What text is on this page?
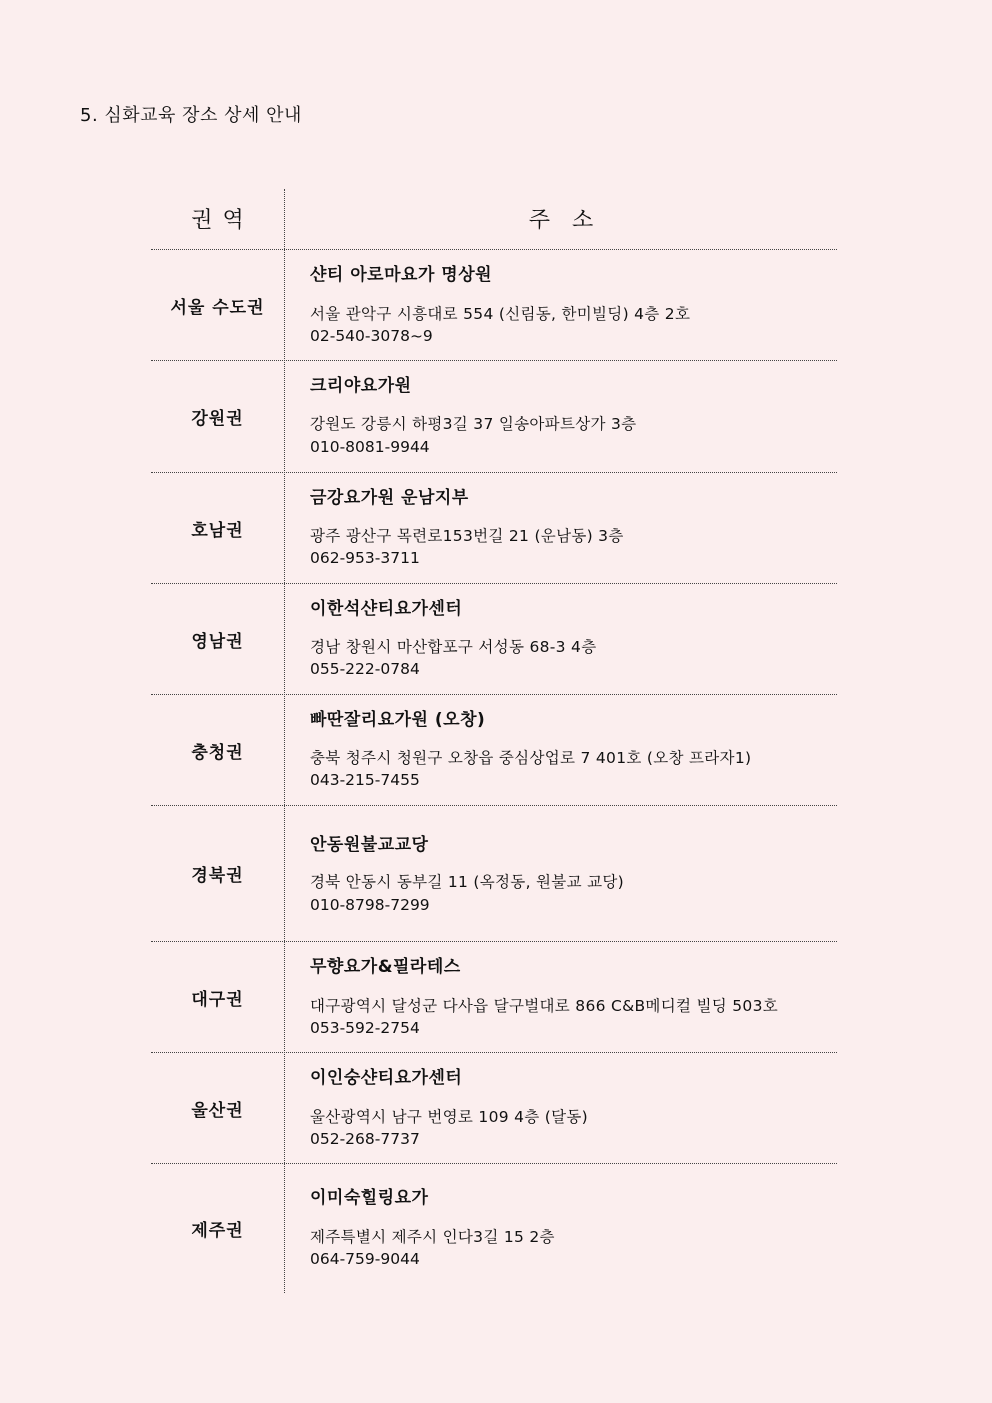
5. 심화교육 장소 상세 안내
권역	주소
서울 수도권
샨티 아로마요가 명상원
서울 관악구 시흥대로 554 (신림동, 한미빌딩) 4층 2호
02-540-3078~9
강원권
크리야요가원
강원도 강릉시 하평3길 37 일송아파트상가 3층
010-8081-9944
호남권
금강요가원 운남지부
광주 광산구 목련로153번길 21 (운남동) 3층
062-953-3711
영남권
이한석샨티요가센터
경남 창원시 마산합포구 서성동 68-3 4층
055-222-0784
충청권
빠딴잘리요가원 (오창)
충북 청주시 청원구 오창읍 중심상업로 7 401호 (오창 프라자1)
043-215-7455
경북권
안동원불교교당
경북 안동시 동부길 11 (옥정동, 원불교 교당)
010-8798-7299
대구권
무향요가&필라테스
대구광역시 달성군 다사읍 달구벌대로 866 C&B메디컬 빌딩 503호
053-592-2754
울산권
이인숭샨티요가센터
울산광역시 남구 번영로 109 4층 (달동)
052-268-7737
제주권
이미숙힐링요가
제주특별시 제주시 인다3길 15 2층
064-759-9044
